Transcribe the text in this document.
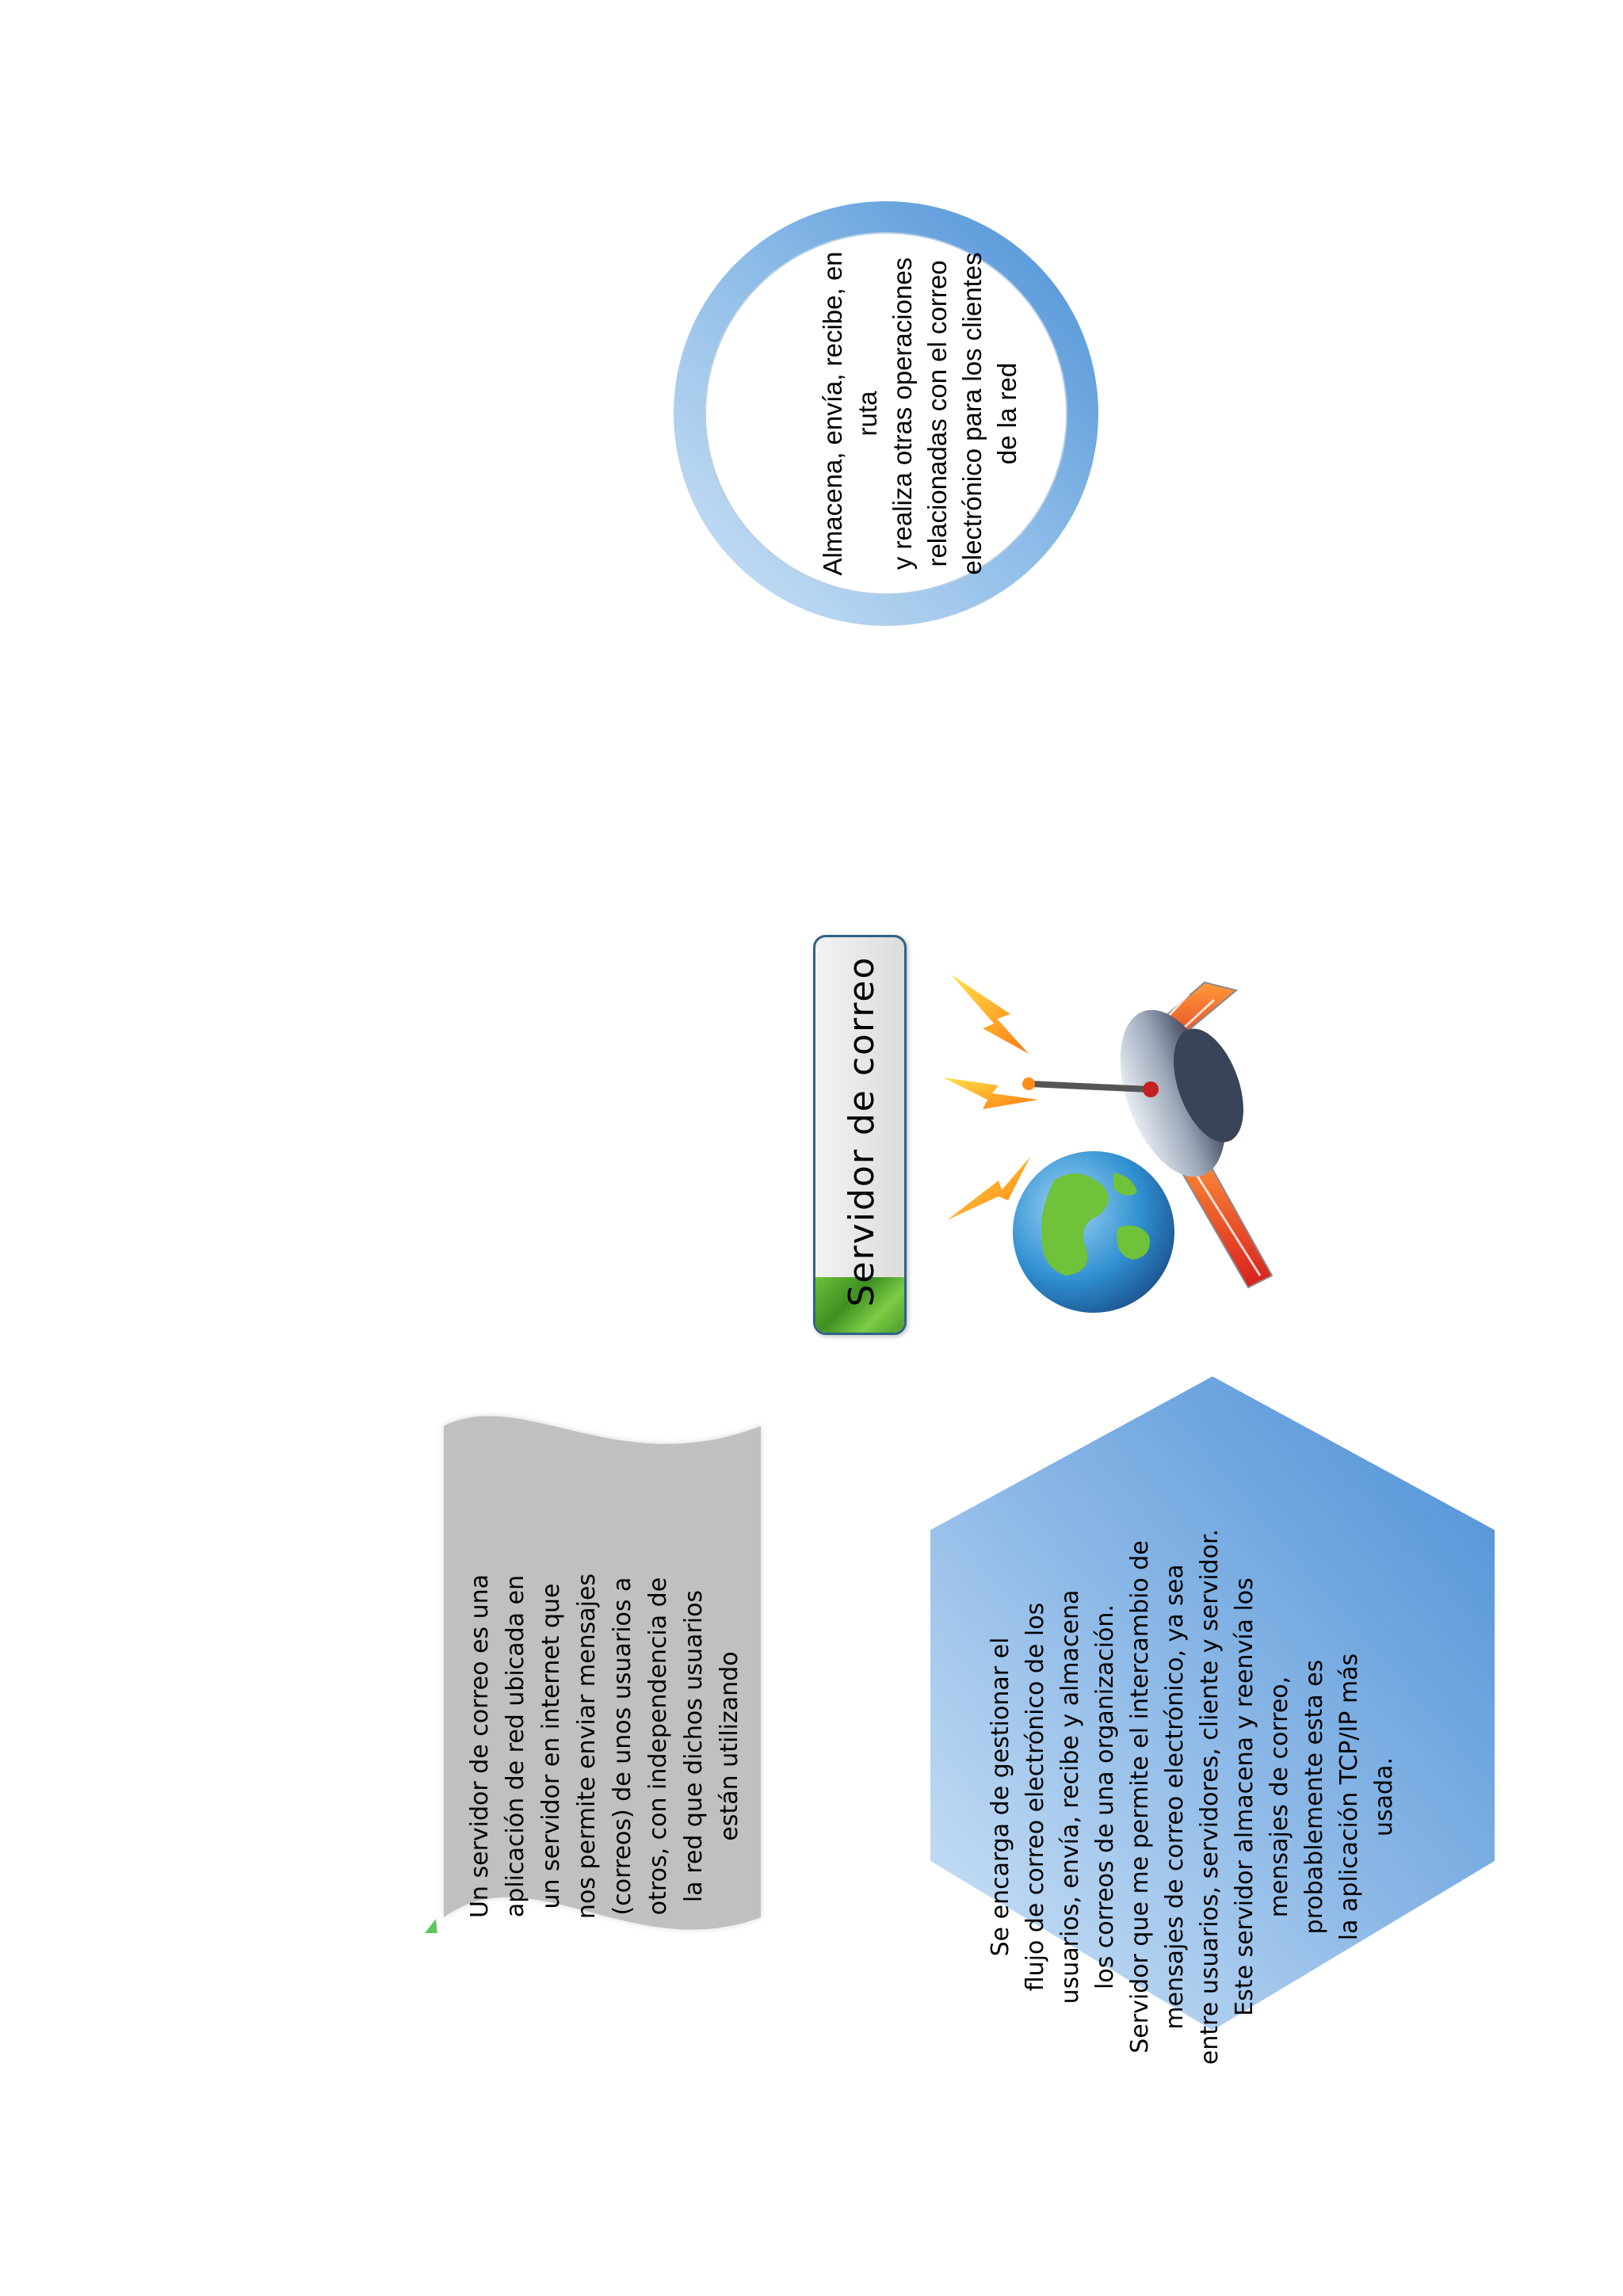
Almacena, envía, recibe, en ruta y realiza otras operaciones relacionadas con el correo electrónico para los clientes de la red
Servidor de correo
Un servidor de correo es una aplicación de red ubicada en un servidor en internet que nos permite enviar mensajes (correos) de unos usuarios a otros, con independencia de la red que dichos usuarios están utilizando	Se encarga de gestionar el flujo de correo electrónico de los usuarios, envía, recibe y almacena los correos de una organización. Servidor que me permite el intercambio de mensajes de correo electrónico, ya sea entre usuarios, servidores, cliente y servidor. Este servidor almacena y reenvía los mensajes de correo, probablemente esta es la aplicación TCP/IP más usada.
